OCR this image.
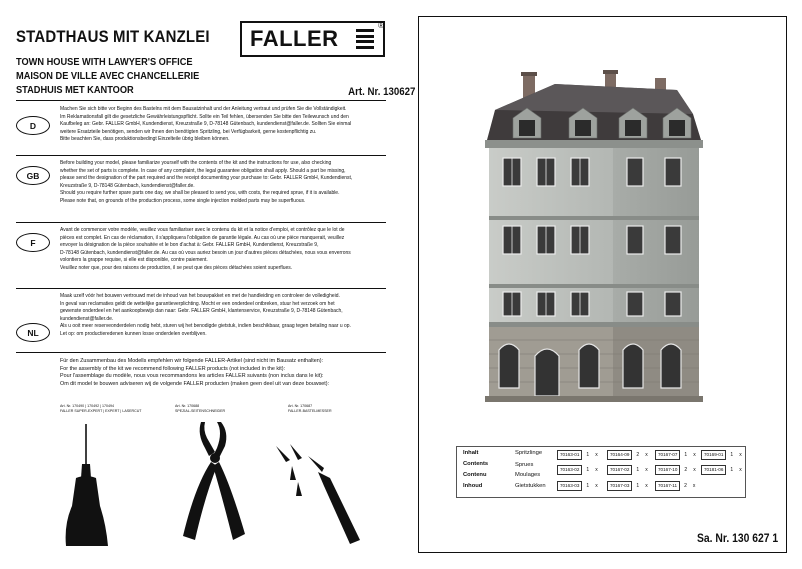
STADTHAUS MIT KANZLEI
TOWN HOUSE WITH LAWYER'S OFFICE
MAISON DE VILLE AVEC CHANCELLERIE
STADHUIS MET KANTOOR	Art. Nr. 130627
FALLER
®
D

Machen Sie sich bitte vor Beginn des Bastelns mit dem Bausatzinhalt und der Anleitung vertraut und prüfen Sie die Vollständigkeit.

Im Reklamationsfall gilt die gesetzliche Gewährleistungspflicht. Sollte ein Teil fehlen, übersenden Sie bitte den Teilewunsch und den

Kaufbeleg an: Gebr. FALLER GmbH, Kundendienst, Kreuzstraße 9, D-78148 Gütenbach, kundendienst@faller.de. Sollten Sie einmal

weitere Ersatzteile benötigen, senden wir Ihnen den benötigten Spritzling, bei Verfügbarkeit, gerne kostenpflichtig zu.

Bitte beachten Sie, dass produktionsbedingt Einzelteile übrig bleiben können.

GB

Before building your model, please familiarize yourself with the contents of the kit and the instructions for use, also checking

whether the set of parts is complete. In case of any complaint, the legal guarantee obligation shall apply. Should a part be missing,

please send the designation of the part required and the receipt documenting your purchase to: Gebr. FALLER GmbH, Kundendienst,

Kreuzstraße 9, D-78148 Gütenbach, kundendienst@faller.de.

Should you require further spare parts one day, we shall be pleased to send you, with costs, the required sprue, if it is available.

Please note that, on grounds of the production process, some single injection molded parts may be superfluous.

F

Avant de commencer votre modèle, veuillez vous familiariser avec le contenu du kit et la notice d'emploi, et contrôlez que le lot de

pièces est complet. En cas de réclamation, il s'appliquera l'obligation de garantie légale. Au cas où une pièce manquerait, veuillez

envoyer la désignation de la pièce souhaitée et le bon d'achat à: Gebr. FALLER GmbH, Kundendienst, Kreuzstraße 9,

D-78148 Gütenbach, kundendienst@faller.de. Au cas où vous auriez besoin un jour d'autres pièces détachées, nous vous enverrons

volontiers la grappe requise, si elle est disponible, contre paiement.

Veuillez noter que, pour des raisons de production, il se peut que des pièces détachées soient superflues.

NL

Maak uzelf vóór het bouwen vertrouwd met de inhoud van het bouwpakket en met de handleiding en controleer de volledigheid.

In geval van reclamaties geldt de wettelijke garantieverplichting. Mocht er een onderdeel ontbreken, stuur het verzoek om het

gewenste onderdeel en het aankoopbewijs dan naar: Gebr. FALLER GmbH, klantenservice, Kreuzstraße 9, D-78148 Gütenbach,

kundendienst@faller.de.

Als u ooit meer reserveonderdelen nodig hebt, sturen wij het benodigde gietstuk, indien beschikbaar, graag tegen betaling naar u op.

Let op: om productieredenen kunnen losse onderdelen overblijven.

Für den Zusammenbau des Modells empfehlen wir folgende FALLER-Artikel (sind nicht im Bausatz enthalten):

For the assembly of the kit we recommend following FALLER products (not included in the kit):

Pour l'assemblage du modèle, nous vous recommandons les articles FALLER suivants (non inclus dans le kit):

Om dit model te bouwen adviseren wij de volgende FALLER producten (maken geen deel uit van deze bouwset):

Art. Nr. 170490 | 170492 | 170494
FALLER SUPER-EXPERT | EXPERT | LASERCUT
Art. Nr. 170688
SPEZIAL-SEITENSCHNEIDER
Art. Nr. 170687
FALLER-BASTELMESSER
Inhalt	Spritzlinge
Contents	Sprues
Contenu	Moulages
Inhoud	Gietstukken
70163-01	1 x	70164-09	2 x	70167-07	1 x	70169-01	1 x
70163-02	1 x	70167-02	1 x	70167-10	2 x	70181-06	1 x
70163-03	1 x	70167-03	1 x	70167-11	2 x
Sa. Nr. 130 627 1
